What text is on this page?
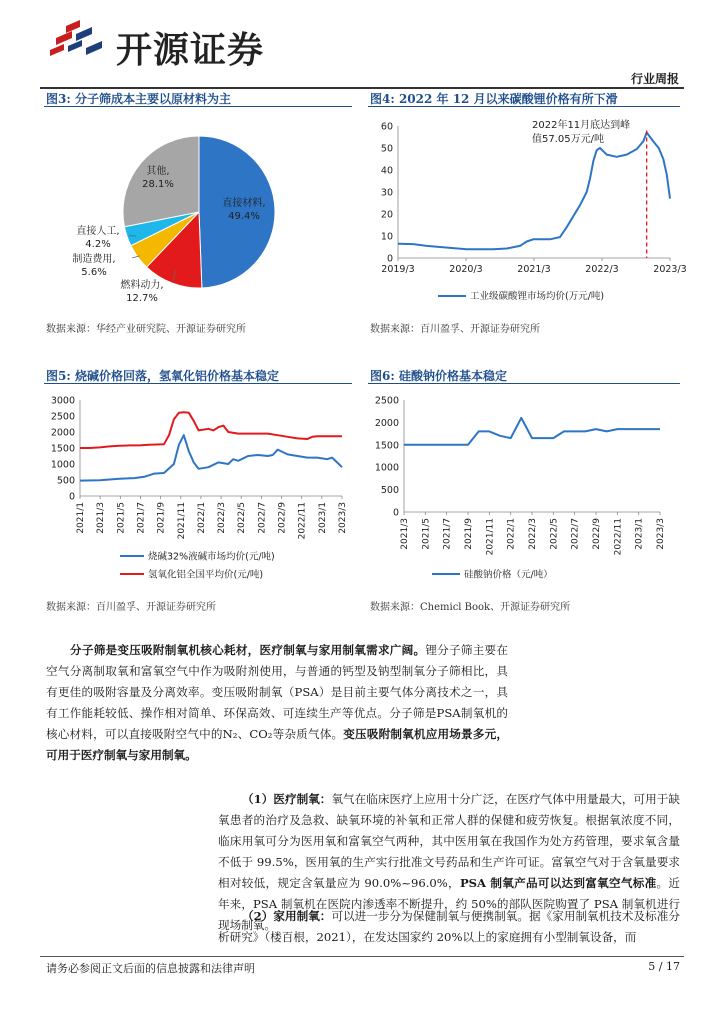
开源证券
行业周报
图3: 分子筛成本主要以原材料为主	图4: 2022 年 12 月以来碳酸锂价格有所下滑
直接材料,
49.4%
燃料动力,
12.7%
制造费用,
5.6%
直接人工,
4.2%
其他,
28.1%
0
10
20
30
40
50
60
2019/3	2020/3	2021/3	2022/3	2023/3
2022年11月底达到峰
值57.05万元/吨
工业级碳酸锂市场均价(万元/吨)
数据来源：华经产业研究院、开源证券研究所	数据来源：百川盈孚、开源证券研究所
图5: 烧碱价格回落，氢氧化铝价格基本稳定	图6: 硅酸钠价格基本稳定
0
500
1000
1500
2000
2500
3000
2021/1 2021/3 2021/5 2021/7 2021/9 2021/11 2022/1 2022/3 2022/5 2022/7 2022/9 2022/11 2023/1 2023/3
烧碱32%液碱市场均价(元/吨)
氢氧化铝全国平均价(元/吨)
0
500
1000
1500
2000
2500
2021/3 2021/5 2021/7 2021/9 2021/11 2022/1 2022/3 2022/5 2022/7 2022/9 2022/11 2023/1 2023/3
硅酸钠价格（元/吨）
数据来源：百川盈孚、开源证券研究所	数据来源：Chemicl Book、开源证券研究所
分子筛是变压吸附制氧机核心耗材，医疗制氧与家用制氧需求广阔。锂分子筛主要在空气分离制取氧和富氧空气中作为吸附剂使用，与普通的钙型及钠型制氧分子筛相比，具有更佳的吸附容量及分离效率。变压吸附制氧（PSA）是目前主要气体分离技术之一，具有工作能耗较低、操作相对简单、环保高效、可连续生产等优点。分子筛是PSA制氧机的核心材料，可以直接吸附空气中的N₂、CO₂等杂质气体。变压吸附制氧机应用场景多元，可用于医疗制氧与家用制氧。
（1）医疗制氧：氧气在临床医疗上应用十分广泛，在医疗气体中用量最大，可用于缺氧患者的治疗及急救、缺氧环境的补氧和正常人群的保健和疲劳恢复。根据氧浓度不同，临床用氧可分为医用氧和富氧空气两种，其中医用氧在我国作为处方药管理，要求氧含量不低于 99.5%，医用氧的生产实行批准文号药品和生产许可证。富氧空气对于含氧量要求相对较低，规定含氧量应为 90.0%~96.0%，PSA 制氧产品可以达到富氧空气标准。近年来，PSA 制氧机在医院内渗透率不断提升，约 50%的部队医院购置了 PSA 制氧机进行现场制氧。
（2）家用制氧：可以进一步分为保健制氧与便携制氧。据《家用制氧机技术及标准分析研究》（楼百根，2021），在发达国家约 20%以上的家庭拥有小型制氧设备，而
请务必参阅正文后面的信息披露和法律声明	5 / 17
